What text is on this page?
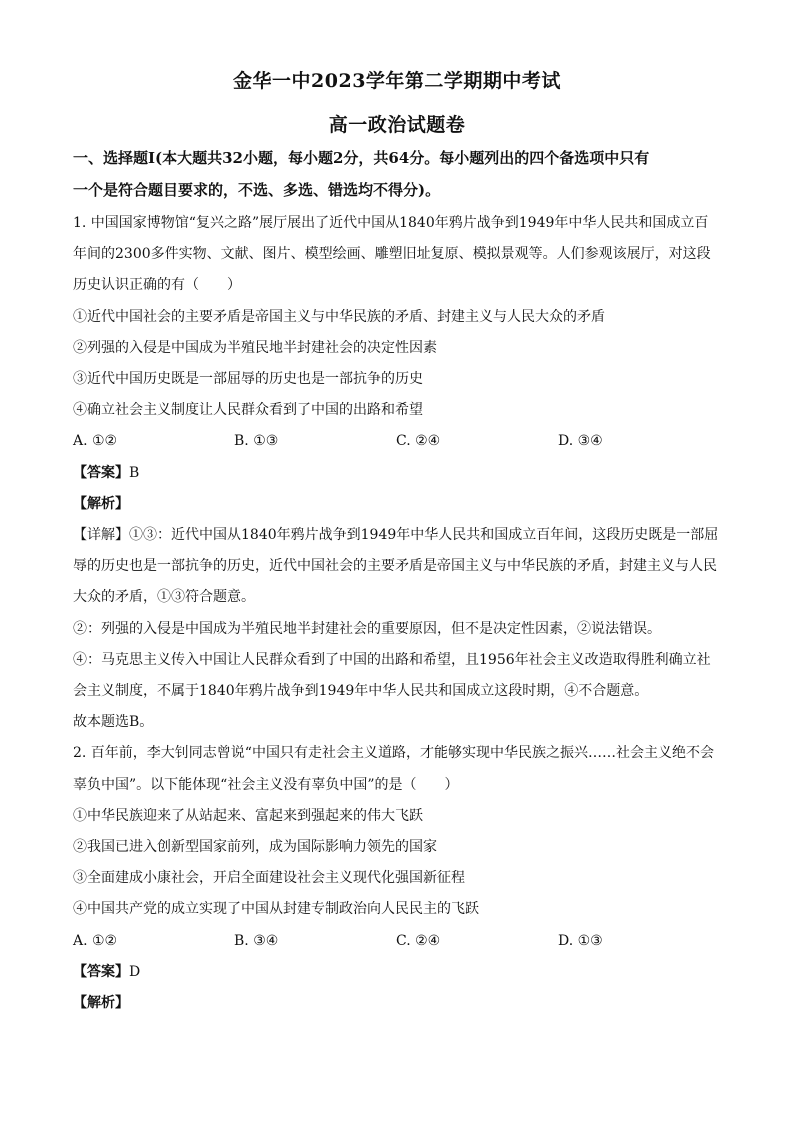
金华一中2023学年第二学期期中考试
高一政治试题卷
一、选择题Ⅰ(本大题共32小题，每小题2分，共64分。每小题列出的四个备选项中只有
一个是符合题目要求的，不选、多选、错选均不得分)。
1. 中国国家博物馆“复兴之路”展厅展出了近代中国从1840年鸦片战争到1949年中华人民共和国成立百
年间的2300多件实物、文献、图片、模型绘画、雕塑旧址复原、模拟景观等。人们参观该展厅，对这段
历史认识正确的有（　　）
①近代中国社会的主要矛盾是帝国主义与中华民族的矛盾、封建主义与人民大众的矛盾
②列强的入侵是中国成为半殖民地半封建社会的决定性因素
③近代中国历史既是一部屈辱的历史也是一部抗争的历史
④确立社会主义制度让人民群众看到了中国的出路和希望
A. ①②	B. ①③	C. ②④	D. ③④
【答案】B
【解析】
【详解】①③：近代中国从1840年鸦片战争到1949年中华人民共和国成立百年间，这段历史既是一部屈
辱的历史也是一部抗争的历史，近代中国社会的主要矛盾是帝国主义与中华民族的矛盾，封建主义与人民
大众的矛盾，①③符合题意。
②：列强的入侵是中国成为半殖民地半封建社会的重要原因，但不是决定性因素，②说法错误。
④：马克思主义传入中国让人民群众看到了中国的出路和希望，且1956年社会主义改造取得胜利确立社
会主义制度，不属于1840年鸦片战争到1949年中华人民共和国成立这段时期，④不合题意。
故本题选B。
2. 百年前，李大钊同志曾说“中国只有走社会主义道路，才能够实现中华民族之振兴……社会主义绝不会
辜负中国”。以下能体现“社会主义没有辜负中国”的是（　　）
①中华民族迎来了从站起来、富起来到强起来的伟大飞跃
②我国已进入创新型国家前列，成为国际影响力领先的国家
③全面建成小康社会，开启全面建设社会主义现代化强国新征程
④中国共产党的成立实现了中国从封建专制政治向人民民主的飞跃
A. ①②	B. ③④	C. ②④	D. ①③
【答案】D
【解析】
